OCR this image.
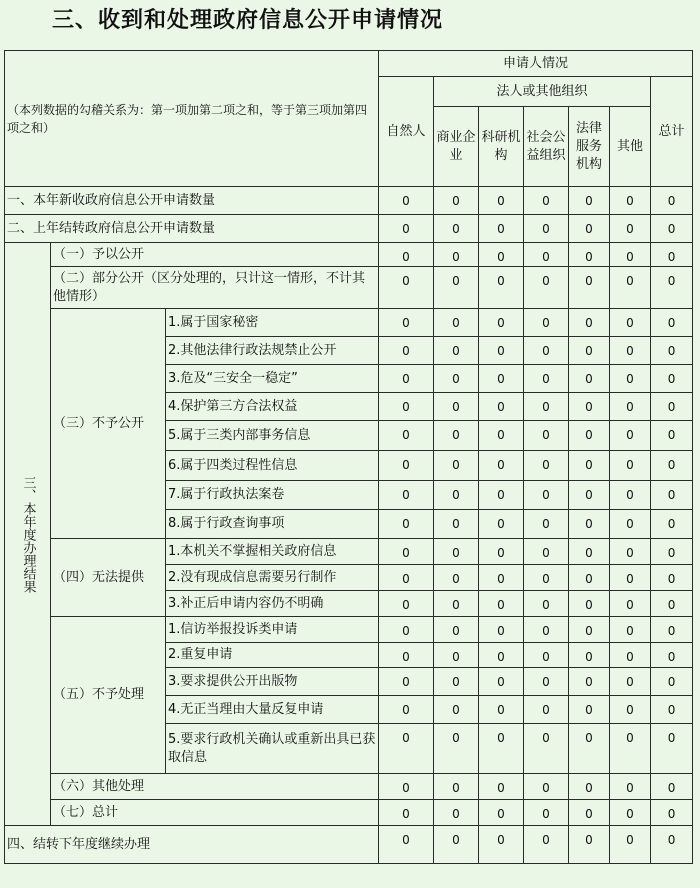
三、收到和处理政府信息公开申请情况
（本列数据的勾稽关系为：第一项加第二项之和，等于第三项加第四项之和）			申请人情况						
			自然人	法人或其他组织					总计
				商业企业	科研机构	社会公益组织	法律服务机构	其他	
一、本年新收政府信息公开申请数量			0	0	0	0	0	0	0
二、上年结转政府信息公开申请数量			0	0	0	0	0	0	0

三、本年度办理结果	（一）予以公开		0	0	0	0	0	0	0
	（二）部分公开（区分处理的，只计这一情形，不计其他情形）		0	0	0	0	0	0	0
	（三）不予公开	1.属于国家秘密	0	0	0	0	0	0	0
		2.其他法律行政法规禁止公开	0	0	0	0	0	0	0
		3.危及“三安全一稳定”	0	0	0	0	0	0	0
		4.保护第三方合法权益	0	0	0	0	0	0	0
		5.属于三类内部事务信息	0	0	0	0	0	0	0
		6.属于四类过程性信息	0	0	0	0	0	0	0
		7.属于行政执法案卷	0	0	0	0	0	0	0
		8.属于行政查询事项	0	0	0	0	0	0	0
	（四）无法提供	1.本机关不掌握相关政府信息	0	0	0	0	0	0	0
		2.没有现成信息需要另行制作	0	0	0	0	0	0	0
		3.补正后申请内容仍不明确	0	0	0	0	0	0	0
	（五）不予处理	1.信访举报投诉类申请	0	0	0	0	0	0	0
		2.重复申请	0	0	0	0	0	0	0
		3.要求提供公开出版物	0	0	0	0	0	0	0
		4.无正当理由大量反复申请	0	0	0	0	0	0	0
		5.要求行政机关确认或重新出具已获取信息	0	0	0	0	0	0	0
	（六）其他处理		0	0	0	0	0	0	0
	（七）总计		0	0	0	0	0	0	0
四、结转下年度继续办理			0	0	0	0	0	0	0
